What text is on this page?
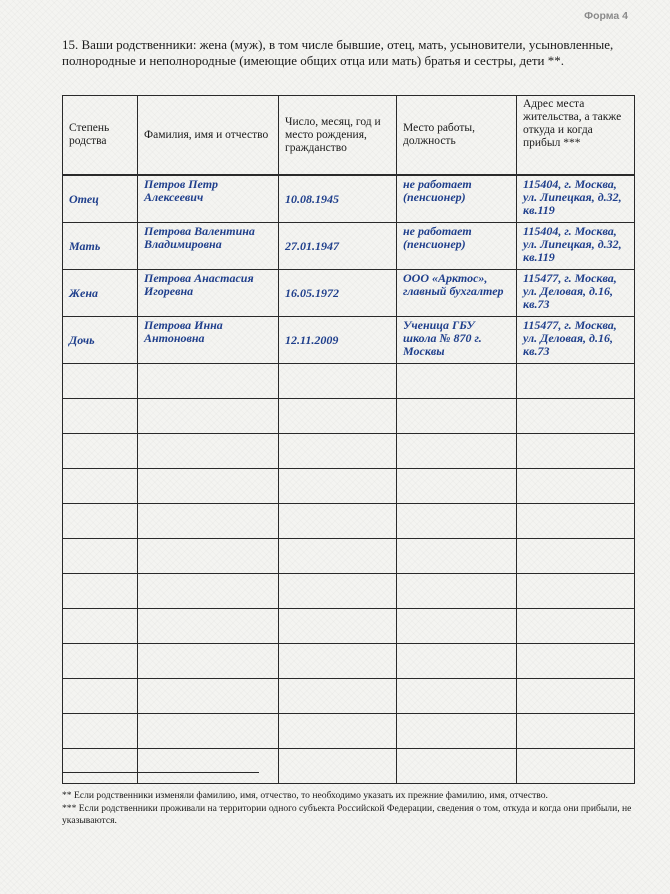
Форма 4
15. Ваши родственники: жена (муж), в том числе бывшие, отец, мать, усыновители, усыновленные, полнородные и неполнородные (имеющие общих отца или мать) братья и сестры, дети **.
Степень родства	Фамилия, имя и отчество	Число, месяц, год и место рождения, гражданство	Место работы, должность	Адрес места жительства, а также откуда и когда прибыл ***
Отец	Петров Петр Алексеевич	10.08.1945	не работает (пенсионер)	115404, г. Москва, ул. Липецкая, д.32, кв.119
Мать	Петрова Валентина Владимировна	27.01.1947	не работает (пенсионер)	115404, г. Москва, ул. Липецкая, д.32, кв.119
Жена	Петрова Анастасия Игоревна	16.05.1972	ООО «Арктос», главный бухгалтер	115477, г. Москва, ул. Деловая, д.16, кв.73
Дочь	Петрова Инна Антоновна	12.11.2009	Ученица ГБУ школа № 870 г. Москвы	115477, г. Москва, ул. Деловая, д.16, кв.73

** Если родственники изменяли фамилию, имя, отчество, то необходимо указать их прежние фамилию, имя, отчество.

*** Если родственники проживали на территории одного субъекта Российской Федерации, сведения о том, откуда и когда они прибыли, не указываются.
